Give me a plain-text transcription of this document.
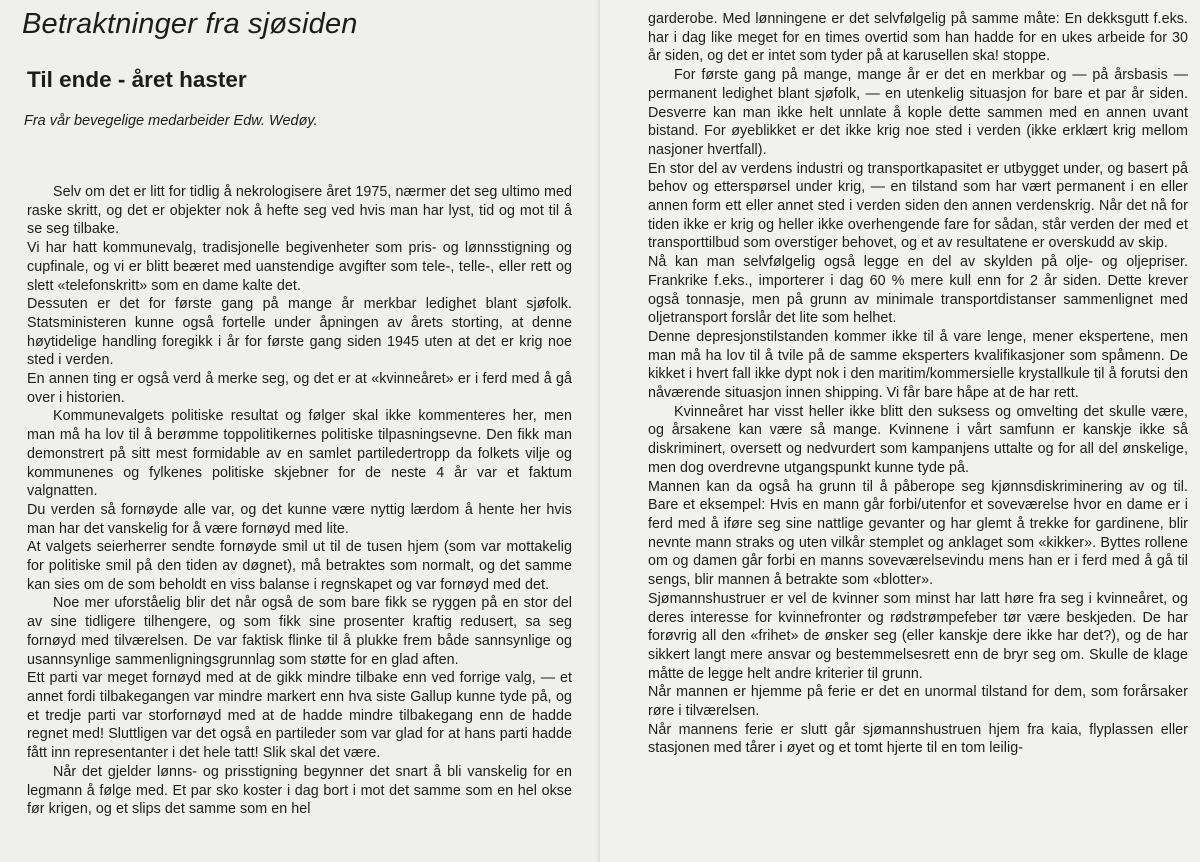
Betraktninger fra sjøsiden
Til ende - året haster

Fra vår bevegelige medarbeider Edw. Wedøy.

Selv om det er litt for tidlig å nekrologisere året 1975, nærmer det seg ultimo med raske skritt, og det er objekter nok å hefte seg ved hvis man har lyst, tid og mot til å se seg tilbake.

Vi har hatt kommunevalg, tradisjonelle begivenheter som pris- og lønnsstigning og cupfinale, og vi er blitt beæret med uanstendige avgifter som tele-, telle-, eller rett og slett «telefonskritt» som en dame kalte det.

Dessuten er det for første gang på mange år merkbar ledighet blant sjøfolk. Statsministeren kunne også fortelle under åpningen av årets storting, at denne høytidelige handling foregikk i år for første gang siden 1945 uten at det er krig noe sted i verden.

En annen ting er også verd å merke seg, og det er at «kvinneåret» er i ferd med å gå over i historien.

Kommunevalgets politiske resultat og følger skal ikke kommenteres her, men man må ha lov til å berømme toppolitikernes politiske tilpasningsevne. Den fikk man demonstrert på sitt mest formidable av en samlet partiledertropp da folkets vilje og kommunenes og fylkenes politiske skjebner for de neste 4 år var et faktum valgnatten.

Du verden så fornøyde alle var, og det kunne være nyttig lærdom å hente her hvis man har det vanskelig for å være fornøyd med lite.

At valgets seierherrer sendte fornøyde smil ut til de tusen hjem (som var mottakelig for politiske smil på den tiden av døgnet), må betraktes som normalt, og det samme kan sies om de som beholdt en viss balanse i regnskapet og var fornøyd med det.

Noe mer uforståelig blir det når også de som bare fikk se ryggen på en stor del av sine tidligere tilhengere, og som fikk sine prosenter kraftig redusert, sa seg fornøyd med tilværelsen. De var faktisk flinke til å plukke frem både sannsynlige og usannsynlige sammenligningsgrunnlag som støtte for en glad aften.

Ett parti var meget fornøyd med at de gikk mindre tilbake enn ved forrige valg, — et annet fordi tilbakegangen var mindre markert enn hva siste Gallup kunne tyde på, og et tredje parti var storfornøyd med at de hadde mindre tilbakegang enn de hadde regnet med! Sluttligen var det også en partileder som var glad for at hans parti hadde fått inn representanter i det hele tatt! Slik skal det være.

Når det gjelder lønns- og prisstigning begynner det snart å bli vanskelig for en legmann å følge med. Et par sko koster i dag bort i mot det samme som en hel okse før krigen, og et slips det samme som en hel

garderobe. Med lønningene er det selvfølgelig på samme måte: En dekksgutt f.eks. har i dag like meget for en times overtid som han hadde for en ukes arbeide for 30 år siden, og det er intet som tyder på at karusellen ska! stoppe.

For første gang på mange, mange år er det en merkbar og — på årsbasis — permanent ledighet blant sjøfolk, — en utenkelig situasjon for bare et par år siden. Desverre kan man ikke helt unnlate å kople dette sammen med en annen uvant bistand. For øyeblikket er det ikke krig noe sted i verden (ikke erklært krig mellom nasjoner hvertfall).

En stor del av verdens industri og transportkapasitet er utbygget under, og basert på behov og etterspørsel under krig, — en tilstand som har vært permanent i en eller annen form ett eller annet sted i verden siden den annen verdenskrig. Når det nå for tiden ikke er krig og heller ikke overhengende fare for sådan, står verden der med et transporttilbud som overstiger behovet, og et av resultatene er overskudd av skip.

Nå kan man selvfølgelig også legge en del av skylden på olje- og oljepriser. Frankrike f.eks., importerer i dag 60 % mere kull enn for 2 år siden. Dette krever også tonnasje, men på grunn av minimale transportdistanser sammenlignet med oljetransport forslår det lite som helhet.

Denne depresjonstilstanden kommer ikke til å vare lenge, mener ekspertene, men man må ha lov til å tvile på de samme eksperters kvalifikasjoner som spåmenn. De kikket i hvert fall ikke dypt nok i den maritim/kommersielle krystallkule til å forutsi den nåværende situasjon innen shipping. Vi får bare håpe at de har rett.

Kvinneåret har visst heller ikke blitt den suksess og omvelting det skulle være, og årsakene kan være så mange. Kvinnene i vårt samfunn er kanskje ikke så diskriminert, oversett og nedvurdert som kampanjens uttalte og for all del ønskelige, men dog overdrevne utgangspunkt kunne tyde på.

Mannen kan da også ha grunn til å påberope seg kjønnsdiskriminering av og til. Bare et eksempel: Hvis en mann går forbi/utenfor et soveværelse hvor en dame er i ferd med å iføre seg sine nattlige gevanter og har glemt å trekke for gardinene, blir nevnte mann straks og uten vilkår stemplet og anklaget som «kikker». Byttes rollene om og damen går forbi en manns soveværelsevindu mens han er i ferd med å gå til sengs, blir mannen å betrakte som «blotter».

Sjømannshustruer er vel de kvinner som minst har latt høre fra seg i kvinneåret, og deres interesse for kvinnefronter og rødstrømpefeber tør være beskjeden. De har forøvrig all den «frihet» de ønsker seg (eller kanskje dere ikke har det?), og de har sikkert langt mere ansvar og bestemmelsesrett enn de bryr seg om. Skulle de klage måtte de legge helt andre kriterier til grunn.

Når mannen er hjemme på ferie er det en unormal tilstand for dem, som forårsaker røre i tilværelsen.

Når mannens ferie er slutt går sjømannshustruen hjem fra kaia, flyplassen eller stasjonen med tårer i øyet og et tomt hjerte til en tom leilig-
